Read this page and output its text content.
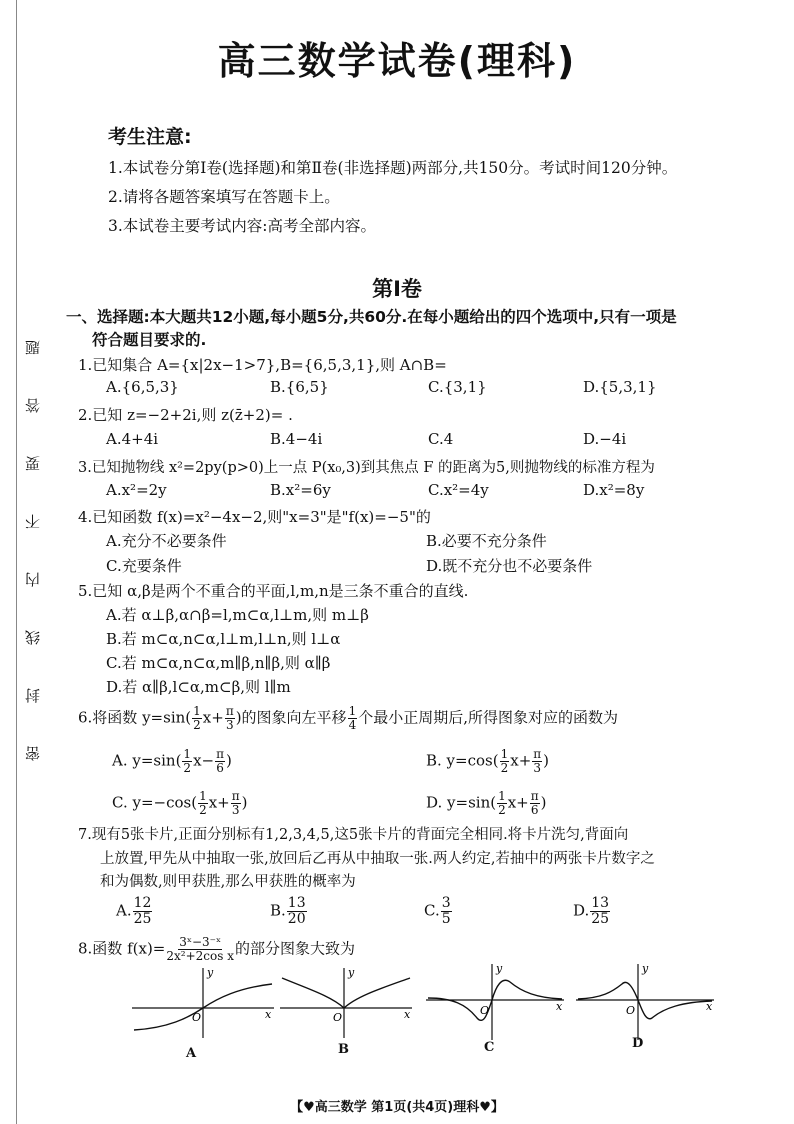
题
答
要
不
内
线
封
密
高三数学试卷(理科)
考生注意:
1.本试卷分第Ⅰ卷(选择题)和第Ⅱ卷(非选择题)两部分,共150分。考试时间120分钟。
2.请将各题答案填写在答题卡上。
3.本试卷主要考试内容:高考全部内容。
第Ⅰ卷
一、选择题:本大题共12小题,每小题5分,共60分.在每小题给出的四个选项中,只有一项是
符合题目要求的.
1.已知集合 A={x|2x−1>7},B={6,5,3,1},则 A∩B=
A.{6,5,3}	B.{6,5}	C.{3,1}	D.{5,3,1}
2.已知 z=−2+2i,则 z(z̄+2)= .
A.4+4i	B.4−4i	C.4	D.−4i
3.已知抛物线 x²=2py(p>0)上一点 P(x₀,3)到其焦点 F 的距离为5,则抛物线的标准方程为
A.x²=2y	B.x²=6y	C.x²=4y	D.x²=8y
4.已知函数 f(x)=x²−4x−2,则"x=3"是"f(x)=−5"的
A.充分不必要条件	B.必要不充分条件
C.充要条件	D.既不充分也不必要条件
5.已知 α,β是两个不重合的平面,l,m,n是三条不重合的直线.
A.若 α⊥β,α∩β=l,m⊂α,l⊥m,则 m⊥β
B.若 m⊂α,n⊂α,l⊥m,l⊥n,则 l⊥α
C.若 m⊂α,n⊂α,m∥β,n∥β,则 α∥β
D.若 α∥β,l⊂α,m⊂β,则 l∥m
6.将函数 $y=\sin( \frac{1}{2} x+ \frac{\pi}{3}$ )的图象向左平移 $\frac{1}{4}$ 个最小正周期后,所得图象对应的函数为
A. $y=\sin( \frac{1}{2} x- \frac{\pi}{6}$ )	B. $y=\cos( \frac{1}{2} x+ \frac{\pi}{3}$ )
C. $y=-\cos( \frac{1}{2} x+ \frac{\pi}{3}$ )	D. $y=\sin( \frac{1}{2} x+ \frac{\pi}{6}$ )
7.现有5张卡片,正面分别标有1,2,3,4,5,这5张卡片的背面完全相同.将卡片洗匀,背面向
上放置,甲先从中抽取一张,放回后乙再从中抽取一张.两人约定,若抽中的两张卡片数字之
和为偶数,则甲获胜,那么甲获胜的概率为
A. $\frac{12}{25}$	B. $\frac{13}{20}$	C. $\frac{3}{5}$	D. $\frac{13}{25}$
8.函数 $f(x)= \frac{\text{3ˣ−3⁻ˣ}}{\text{2x²+2cos x}}$ 的部分图象大致为
O
y
x
A
O
y
x
B
O
y
x
C
O
y
x
D
【♥高三数学 第1页(共4页)理科♥】
